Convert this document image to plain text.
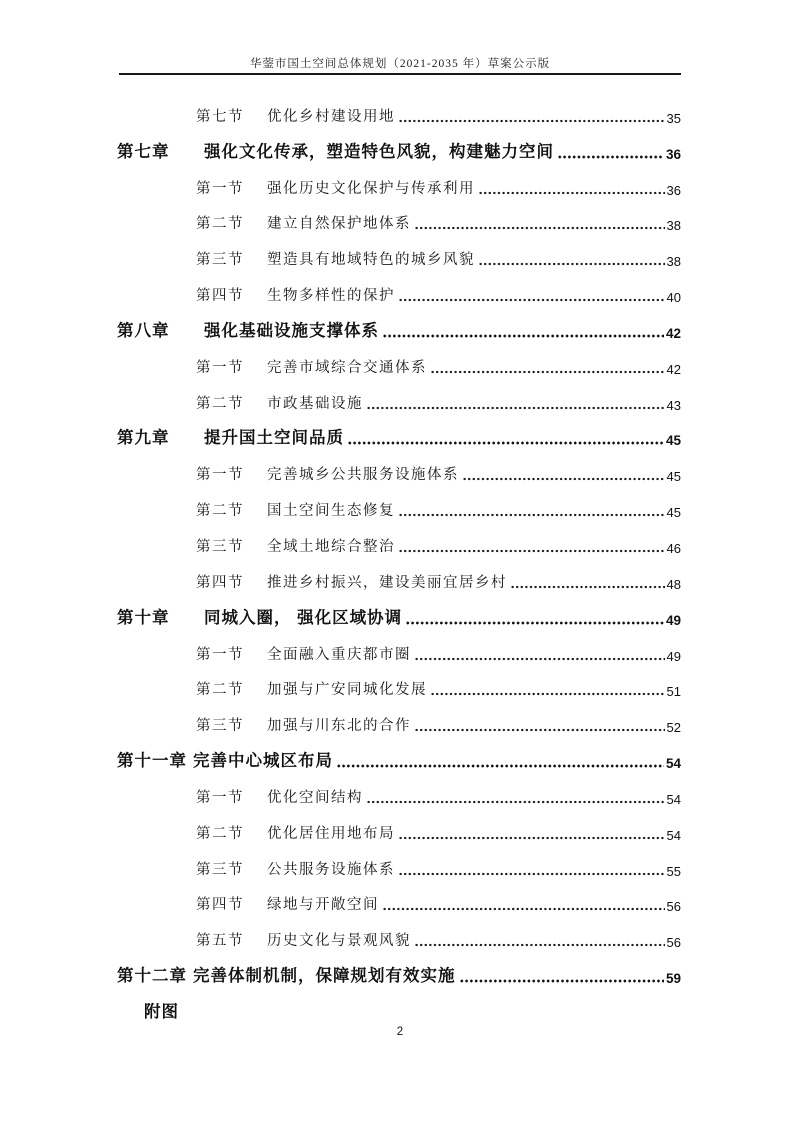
华蓥市国土空间总体规划（2021-2035 年）草案公示版
第七节	优化乡村建设用地	35
第七章	强化文化传承，塑造特色风貌，构建魅力空间	36
第一节	强化历史文化保护与传承利用	36
第二节	建立自然保护地体系	38
第三节	塑造具有地域特色的城乡风貌	38
第四节	生物多样性的保护	40
第八章	强化基础设施支撑体系	42
第一节	完善市域综合交通体系	42
第二节	市政基础设施	43
第九章	提升国土空间品质	45
第一节	完善城乡公共服务设施体系	45
第二节	国土空间生态修复	45
第三节	全域土地综合整治	46
第四节	推进乡村振兴，建设美丽宜居乡村	48
第十章	同城入圈， 强化区域协调	49
第一节	全面融入重庆都市圈	49
第二节	加强与广安同城化发展	51
第三节	加强与川东北的合作	52
第十一章 完善中心城区布局	54
第一节	优化空间结构	54
第二节	优化居住用地布局	54
第三节	公共服务设施体系	55
第四节	绿地与开敞空间	56
第五节	历史文化与景观风貌	56
第十二章 完善体制机制，保障规划有效实施	59
附图
2
